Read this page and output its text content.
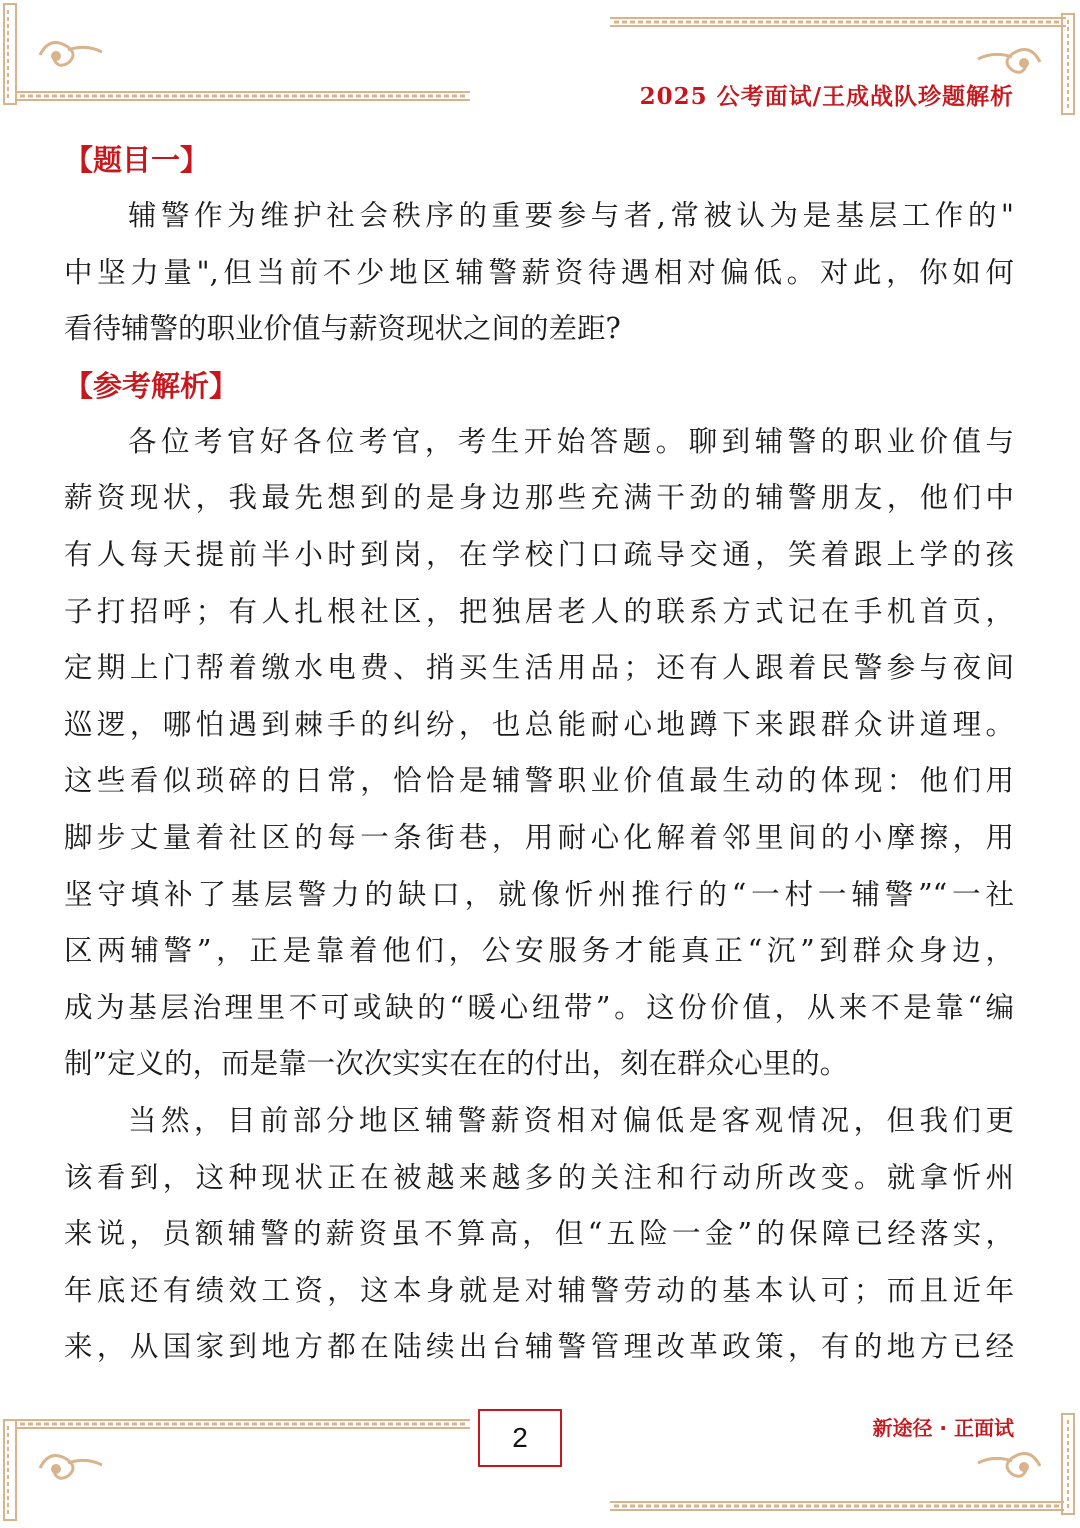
2025 公考面试/王成战队珍题解析
【题目一】
辅警作为维护社会秩序的重要参与者,常被认为是基层工作的"
中坚力量",但当前不少地区辅警薪资待遇相对偏低。对此，你如何
看待辅警的职业价值与薪资现状之间的差距?
【参考解析】
各位考官好各位考官，考生开始答题。聊到辅警的职业价值与
薪资现状，我最先想到的是身边那些充满干劲的辅警朋友，他们中
有人每天提前半小时到岗，在学校门口疏导交通，笑着跟上学的孩
子打招呼；有人扎根社区，把独居老人的联系方式记在手机首页，
定期上门帮着缴水电费、捎买生活用品；还有人跟着民警参与夜间
巡逻，哪怕遇到棘手的纠纷，也总能耐心地蹲下来跟群众讲道理。
这些看似琐碎的日常，恰恰是辅警职业价值最生动的体现：他们用
脚步丈量着社区的每一条街巷，用耐心化解着邻里间的小摩擦，用
坚守填补了基层警力的缺口，就像忻州推行的“一村一辅警”“一社
区两辅警”，正是靠着他们，公安服务才能真正“沉”到群众身边，
成为基层治理里不可或缺的“暖心纽带”。这份价值，从来不是靠“编
制”定义的，而是靠一次次实实在在的付出，刻在群众心里的。
当然，目前部分地区辅警薪资相对偏低是客观情况，但我们更
该看到，这种现状正在被越来越多的关注和行动所改变。就拿忻州
来说，员额辅警的薪资虽不算高，但“五险一金”的保障已经落实，
年底还有绩效工资，这本身就是对辅警劳动的基本认可；而且近年
来，从国家到地方都在陆续出台辅警管理改革政策，有的地方已经
2	新途径 · 正面试
